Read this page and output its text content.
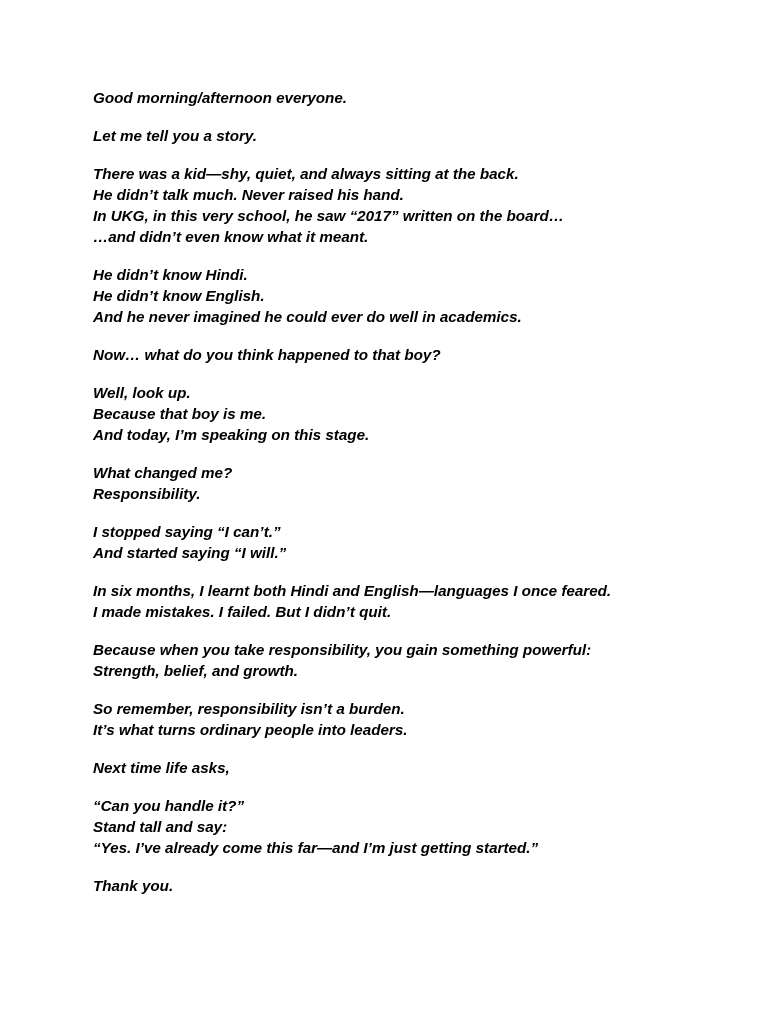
Good morning/afternoon everyone.

Let me tell you a story.

There was a kid—shy, quiet, and always sitting at the back.
He didn’t talk much. Never raised his hand.
In UKG, in this very school, he saw “2017” written on the board…
…and didn’t even know what it meant.

He didn’t know Hindi.
He didn’t know English.
And he never imagined he could ever do well in academics.

Now… what do you think happened to that boy?

Well, look up.
Because that boy is me.
And today, I’m speaking on this stage.

What changed me?
Responsibility.

I stopped saying “I can’t.”
And started saying “I will.”

In six months, I learnt both Hindi and English—languages I once feared.
I made mistakes. I failed. But I didn’t quit.

Because when you take responsibility, you gain something powerful:
Strength, belief, and growth.

So remember, responsibility isn’t a burden.
It’s what turns ordinary people into leaders.

Next time life asks,

“Can you handle it?”
Stand tall and say:
“Yes. I’ve already come this far—and I’m just getting started.”

Thank you.
